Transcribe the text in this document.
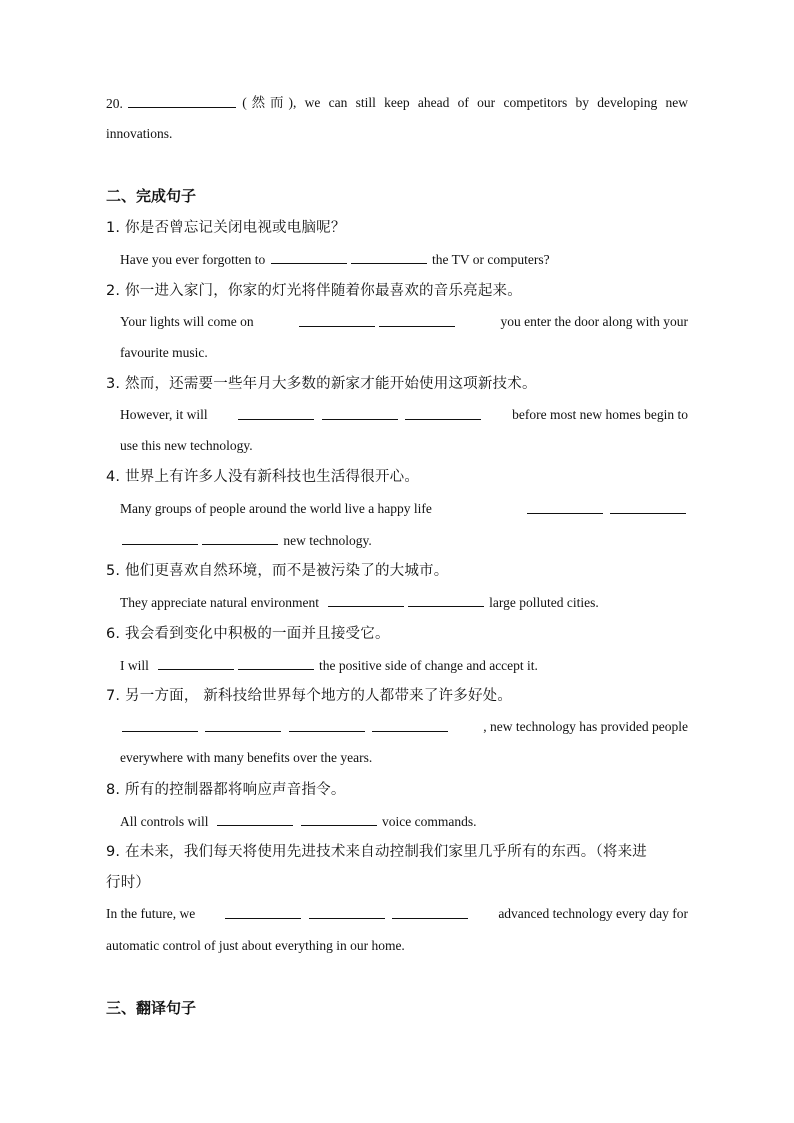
20.	(然而), we can still keep ahead of our competitors by developing new
innovations.
二、完成句子
1. 你是否曾忘记关闭电视或电脑呢？
Have you ever forgotten to	the TV or computers?
2. 你一进入家门，你家的灯光将伴随着你最喜欢的音乐亮起来。
Your lights will come on	you enter the door along with your
favourite music.
3. 然而，还需要一些年月大多数的新家才能开始使用这项新技术。
However, it will
	before most new homes begin to
use this new technology.
4. 世界上有许多人没有新科技也生活得很开心。
Many groups of people around the world live a happy life

new technology.
5. 他们更喜欢自然环境，而不是被污染了的大城市。
They appreciate natural environment	large polluted cities.
6. 我会看到变化中积极的一面并且接受它。
I will	the positive side of change and accept it.
7. 另一方面， 新科技给世界每个地方的人都带来了许多好处。

, new technology has provided people
everywhere with many benefits over the years.
8. 所有的控制器都将响应声音指令。
All controls will	voice commands.
9. 在未来，我们每天将使用先进技术来自动控制我们家里几乎所有的东西。（将来进
行时）
In the future, we
	advanced technology every day for
automatic control of just about everything in our home.
三、翻译句子
